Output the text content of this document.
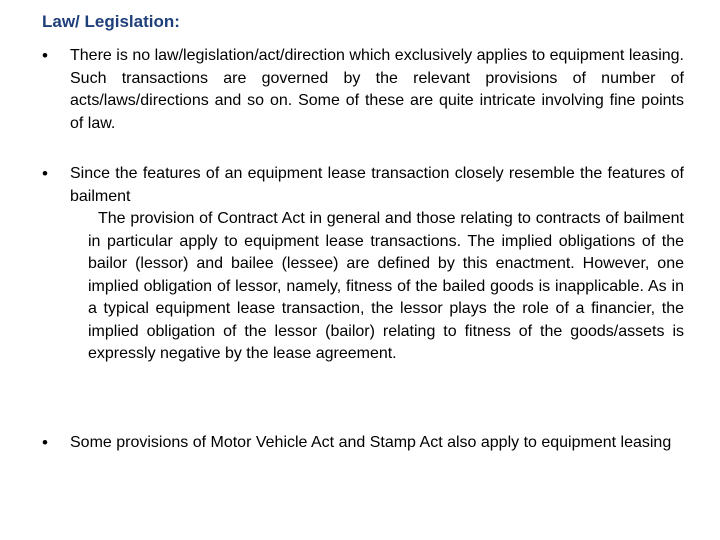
Law/ Legislation:
•	There is no law/legislation/act/direction which exclusively applies to equipment leasing. Such transactions are governed by the relevant provisions of number of acts/laws/directions and so on. Some of these are quite intricate involving fine points of law.
•	Since the features of an equipment lease transaction closely resemble the features of bailment
The provision of Contract Act in general and those relating to contracts of bailment in particular apply to equipment lease transactions. The implied obligations of the bailor (lessor) and bailee (lessee) are defined by this enactment. However, one implied obligation of lessor, namely, fitness of the bailed goods is inapplicable. As in a typical equipment lease transaction, the lessor plays the role of a financier, the implied obligation of the lessor (bailor) relating to fitness of the goods/assets is expressly negative by the lease agreement.
•	Some provisions of Motor Vehicle Act and Stamp Act also apply to equipment leasing
